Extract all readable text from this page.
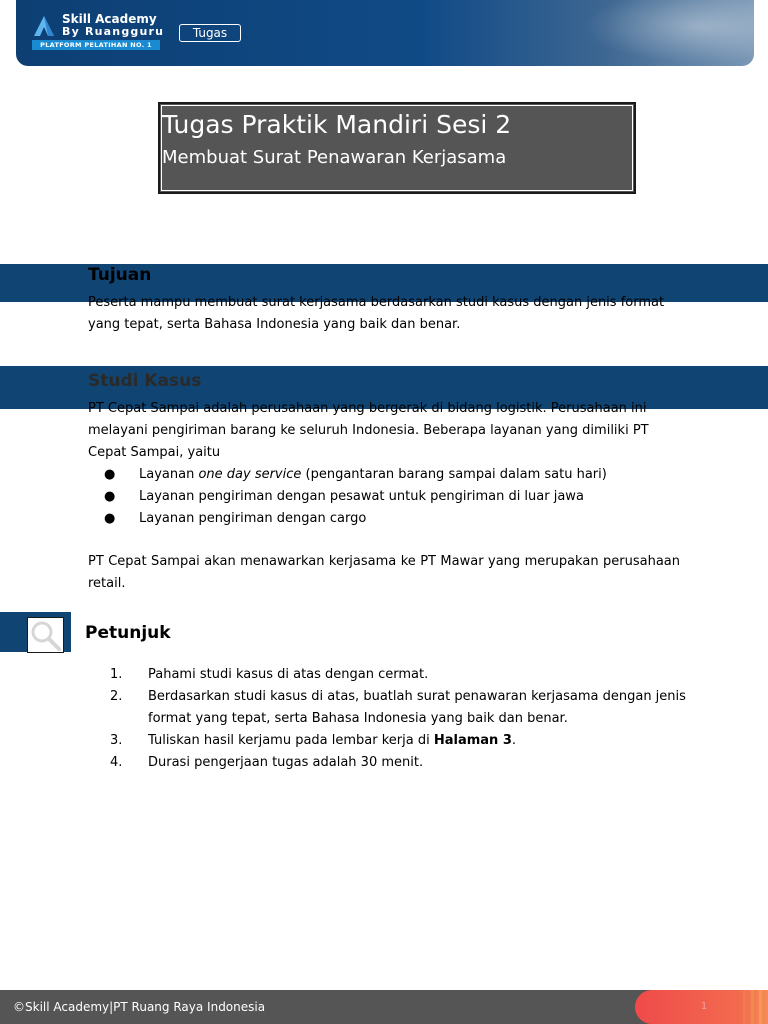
Skill Academy
By Ruangguru
PLATFORM PELATIHAN NO. 1
Tugas
Tugas Praktik Mandiri Sesi 2
Membuat Surat Penawaran Kerjasama
Tujuan
Peserta mampu membuat surat kerjasama berdasarkan studi kasus dengan jenis format yang tepat, serta Bahasa Indonesia yang baik dan benar.
Studi Kasus
PT Cepat Sampai adalah perusahaan yang bergerak di bidang logistik. Perusahaan ini melayani pengiriman barang ke seluruh Indonesia. Beberapa layanan yang dimiliki PT Cepat Sampai, yaitu
● Layanan one day service (pengantaran barang sampai dalam satu hari)
● Layanan pengiriman dengan pesawat untuk pengiriman di luar jawa
● Layanan pengiriman dengan cargo
PT Cepat Sampai akan menawarkan kerjasama ke PT Mawar yang merupakan perusahaan retail.
Petunjuk
1. Pahami studi kasus di atas dengan cermat.
2. Berdasarkan studi kasus di atas, buatlah surat penawaran kerjasama dengan jenis format yang tepat, serta Bahasa Indonesia yang baik dan benar.
3. Tuliskan hasil kerjamu pada lembar kerja di Halaman 3.
4. Durasi pengerjaan tugas adalah 30 menit.
©Skill Academy|PT Ruang Raya Indonesia	1
